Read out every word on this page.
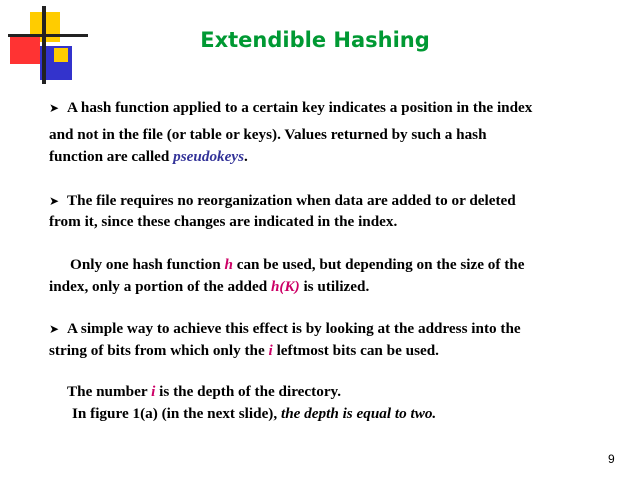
Extendible Hashing
➤ A hash function applied to a certain key indicates a position in the index
and not in the file (or table or keys). Values returned by such a hash
function are called pseudokeys.
➤ The file requires no reorganization when data are added to or deleted
from it, since these changes are indicated in the index.
Only one hash function h can be used, but depending on the size of the
index, only a portion of the added h(K) is utilized.
➤ A simple way to achieve this effect is by looking at the address into the
string of bits from which only the i leftmost bits can be used.
The number i is the depth of the directory.
In figure 1(a) (in the next slide), the depth is equal to two.
9
